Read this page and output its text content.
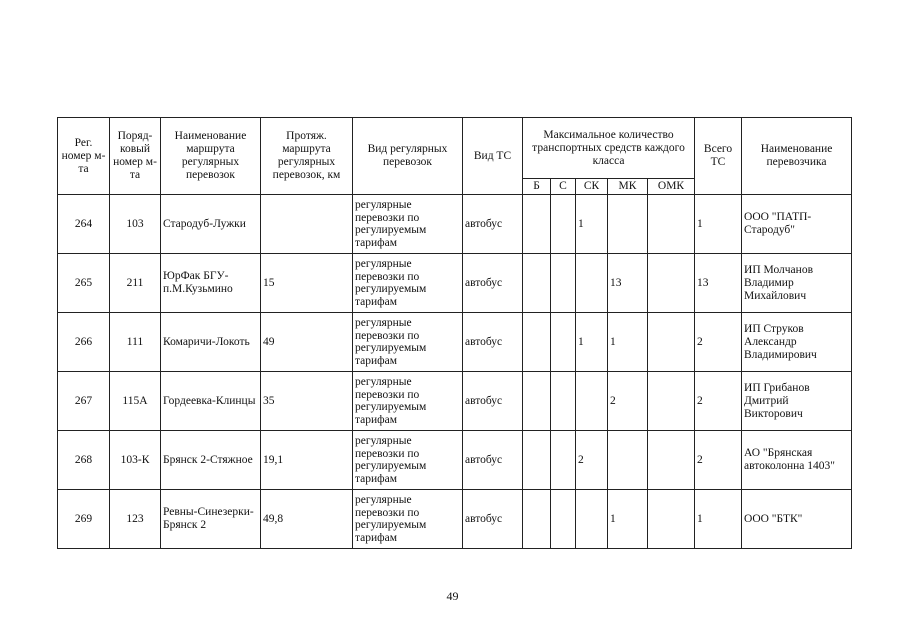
Рег. номер м-та	Поряд-ковый номер м-та	Наименование маршрута регулярных перевозок	Протяж. маршрута регулярных перевозок, км	Вид регулярных перевозок	Вид ТС	Максимальное количество транспортных средств каждого класса					Всего ТС	Наименование перевозчика
						Б	С	СК	МК	ОМК		
264	103	Стародуб-Лужки		регулярные перевозки по регулируемым тарифам	автобус			1			1	ООО "ПАТП-Стародуб"
265	211	ЮрФак БГУ-п.М.Кузьмино	15	регулярные перевозки по регулируемым тарифам	автобус				13		13	ИП Молчанов Владимир Михайлович
266	111	Комаричи-Локоть	49	регулярные перевозки по регулируемым тарифам	автобус			1	1		2	ИП Струков Александр Владимирович
267	115А	Гордеевка-Клинцы	35	регулярные перевозки по регулируемым тарифам	автобус				2		2	ИП Грибанов Дмитрий Викторович
268	103-К	Брянск 2-Стяжное	19,1	регулярные перевозки по регулируемым тарифам	автобус			2			2	АО "Брянская автоколонна 1403"
269	123	Ревны-Синезерки-Брянск 2	49,8	регулярные перевозки по регулируемым тарифам	автобус				1		1	ООО "БТК"
49
